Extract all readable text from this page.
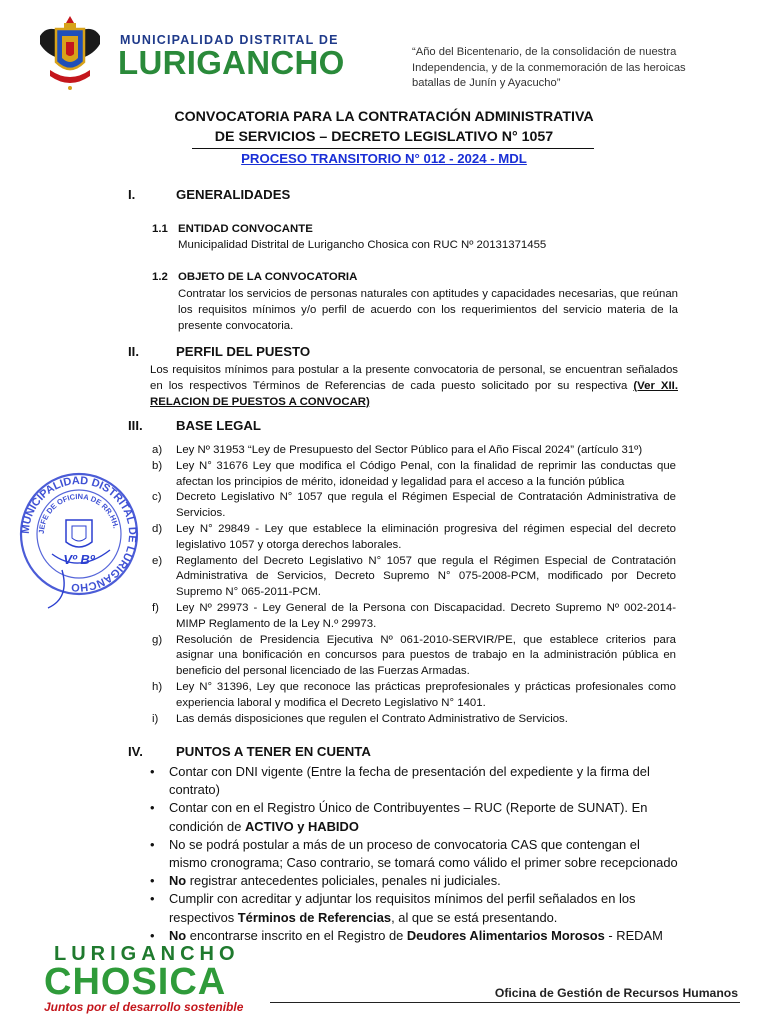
MUNICIPALIDAD DISTRITAL DE
LURIGANCHO	“Año del Bicentenario, de la consolidación de nuestra Independencia, y de la conmemoración de las heroicas batallas de Junín y Ayacucho”
CONVOCATORIA PARA LA CONTRATACIÓN ADMINISTRATIVA
DE SERVICIOS – DECRETO LEGISLATIVO N° 1057
PROCESO TRANSITORIO N° 012 - 2024 - MDL
I.	GENERALIDADES
1.1 ENTIDAD CONVOCANTE
Municipalidad Distrital de Lurigancho Chosica con RUC Nº 20131371455
1.2 OBJETO DE LA CONVOCATORIA
Contratar los servicios de personas naturales con aptitudes y capacidades necesarias, que reúnan los requisitos mínimos y/o perfil de acuerdo con los requerimientos del servicio materia de la presente convocatoria.
II.	PERFIL DEL PUESTO
Los requisitos mínimos para postular a la presente convocatoria de personal, se encuentran señalados en los respectivos Términos de Referencias de cada puesto solicitado por su respectiva (Ver XII. RELACION DE PUESTOS A CONVOCAR)
III.	BASE LEGAL
a) Ley Nº 31953 “Ley de Presupuesto del Sector Público para el Año Fiscal 2024” (artículo 31º)
b) Ley N° 31676 Ley que modifica el Código Penal, con la finalidad de reprimir las conductas que afectan los principios de mérito, idoneidad y legalidad para el acceso a la función pública
c) Decreto Legislativo N° 1057 que regula el Régimen Especial de Contratación Administrativa de Servicios.
d) Ley N° 29849 - Ley que establece la eliminación progresiva del régimen especial del decreto legislativo 1057 y otorga derechos laborales.
e) Reglamento del Decreto Legislativo N° 1057 que regula el Régimen Especial de Contratación Administrativa de Servicios, Decreto Supremo N° 075-2008-PCM, modificado por Decreto Supremo N° 065-2011-PCM.
f) Ley Nº 29973 - Ley General de la Persona con Discapacidad. Decreto Supremo Nº 002-2014-MIMP Reglamento de la Ley N.º 29973.
g) Resolución de Presidencia Ejecutiva Nº 061-2010-SERVIR/PE, que establece criterios para asignar una bonificación en concursos para puestos de trabajo en la administración pública en beneficio del personal licenciado de las Fuerzas Armadas.
h) Ley N° 31396, Ley que reconoce las prácticas preprofesionales y prácticas profesionales como experiencia laboral y modifica el Decreto Legislativo N° 1401.
i) Las demás disposiciones que regulen el Contrato Administrativo de Servicios.
MUNICIPALIDAD DISTRITAL DE LURIGANCHO
JEFE DE OFICINA DE RR.HH.
Vº Bº
IV.	PUNTOS A TENER EN CUENTA
• Contar con DNI vigente (Entre la fecha de presentación del expediente y la firma del contrato)
• Contar con en el Registro Único de Contribuyentes – RUC (Reporte de SUNAT). En condición de ACTIVO y HABIDO
• No se podrá postular a más de un proceso de convocatoria CAS que contengan el mismo cronograma; Caso contrario, se tomará como válido el primer sobre recepcionado
• No registrar antecedentes policiales, penales ni judiciales.
• Cumplir con acreditar y adjuntar los requisitos mínimos del perfil señalados en los respectivos Términos de Referencias, al que se está presentando.
• No encontrarse inscrito en el Registro de Deudores Alimentarios Morosos - REDAM
LURIGANCHO
CHOSICA
Juntos por el desarrollo sostenible
Oficina de Gestión de Recursos Humanos
